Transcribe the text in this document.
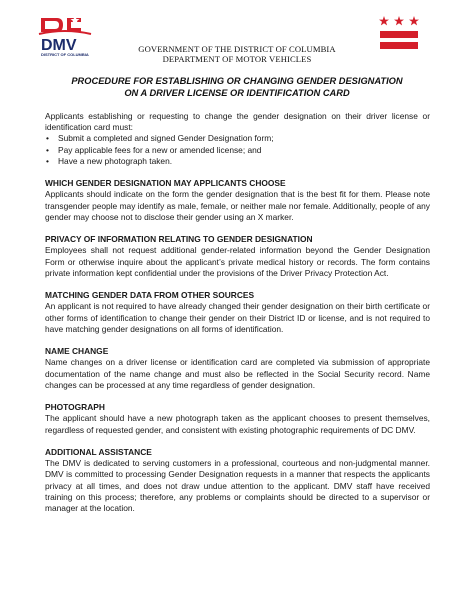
DMV
DISTRICT OF COLUMBIA
GOVERNMENT OF THE DISTRICT OF COLUMBIA
DEPARTMENT OF MOTOR VEHICLES
PROCEDURE FOR ESTABLISHING OR CHANGING GENDER DESIGNATION
ON A DRIVER LICENSE OR IDENTIFICATION CARD

Applicants establishing or requesting to change the gender designation on their driver license or identification card must:

• Submit a completed and signed Gender Designation form;
• Pay applicable fees for a new or amended license; and
• Have a new photograph taken.
WHICH GENDER DESIGNATION MAY APPLICANTS CHOOSE

Applicants should indicate on the form the gender designation that is the best fit for them. Please note transgender people may identify as male, female, or neither male nor female. Additionally, people of any gender may choose not to disclose their gender using an X marker.

PRIVACY OF INFORMATION RELATING TO GENDER DESIGNATION

Employees shall not request additional gender-related information beyond the Gender Designation Form or otherwise inquire about the applicant’s private medical history or records. The form contains private information kept confidential under the provisions of the Driver Privacy Protection Act.

MATCHING GENDER DATA FROM OTHER SOURCES

An applicant is not required to have already changed their gender designation on their birth certificate or other forms of identification to change their gender on their District ID or license, and is not required to have matching gender designations on all forms of identification.

NAME CHANGE

Name changes on a driver license or identification card are completed via submission of appropriate documentation of the name change and must also be reflected in the Social Security record. Name changes can be processed at any time regardless of gender designation.

PHOTOGRAPH

The applicant should have a new photograph taken as the applicant chooses to present themselves, regardless of requested gender, and consistent with existing photographic requirements of DC DMV.

ADDITIONAL ASSISTANCE

The DMV is dedicated to serving customers in a professional, courteous and non-judgmental manner. DMV is committed to processing Gender Designation requests in a manner that respects the applicants privacy at all times, and does not draw undue attention to the applicant. DMV staff have received training on this process; therefore, any problems or complaints should be directed to a supervisor or manager at the location.
